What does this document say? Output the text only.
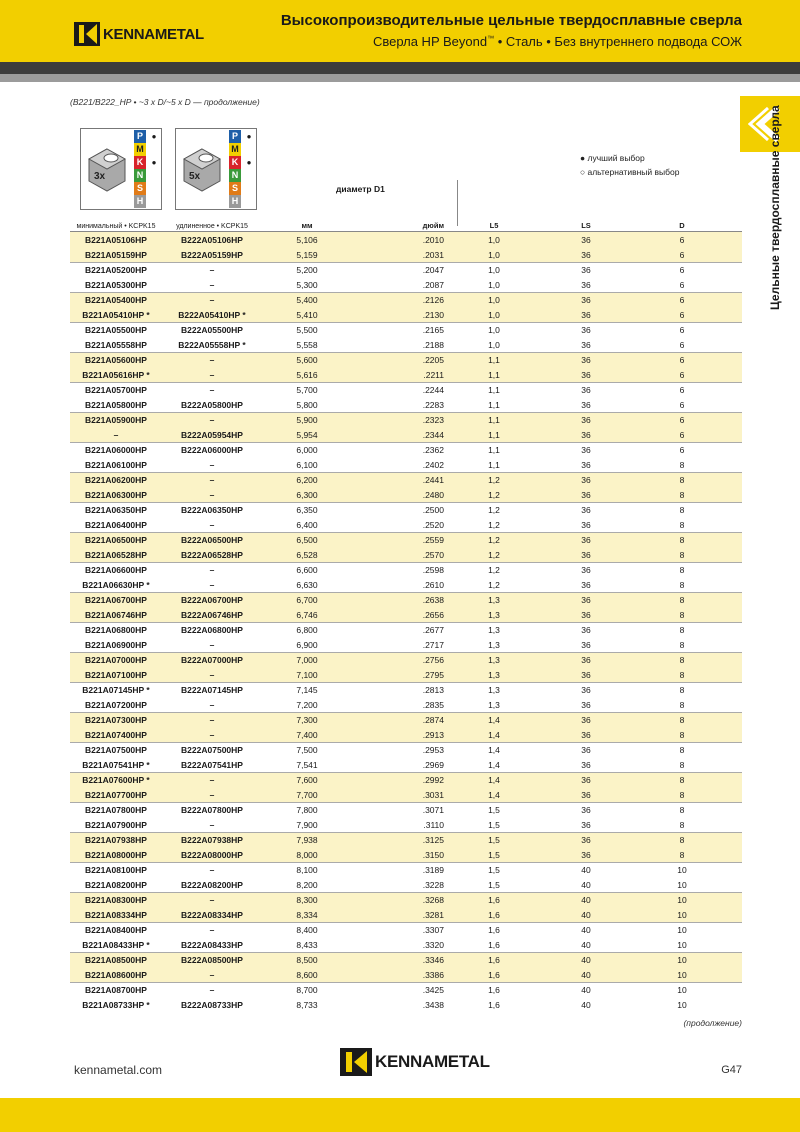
KENNAMETAL
Высокопроизводительные цельные твердосплавные сверла
Сверла HP Beyond™ • Сталь • Без внутреннего подвода СОЖ
Цельные твердосплавные сверла
(B221/B222_HP • ~3 x D/~5 x D — продолжение)
3x
P
M
K
N
S
H
●
●
5x
P
M
K
N
S
H
●
●	● лучший выбор
○ альтернативный выбор
диаметр D1
минимальный • KCPK15	удлиненное • KCPK15	мм	дюйм	L5	LS	D
B221A05106HP	B222A05106HP	5,106	.2010	1,0	36	6
B221A05159HP	B222A05159HP	5,159	.2031	1,0	36	6
B221A05200HP	–	5,200	.2047	1,0	36	6
B221A05300HP	–	5,300	.2087	1,0	36	6
B221A05400HP	–	5,400	.2126	1,0	36	6
B221A05410HP *	B222A05410HP *	5,410	.2130	1,0	36	6
B221A05500HP	B222A05500HP	5,500	.2165	1,0	36	6
B221A05558HP	B222A05558HP *	5,558	.2188	1,0	36	6
B221A05600HP	–	5,600	.2205	1,1	36	6
B221A05616HP *	–	5,616	.2211	1,1	36	6
B221A05700HP	–	5,700	.2244	1,1	36	6
B221A05800HP	B222A05800HP	5,800	.2283	1,1	36	6
B221A05900HP	–	5,900	.2323	1,1	36	6
–	B222A05954HP	5,954	.2344	1,1	36	6
B221A06000HP	B222A06000HP	6,000	.2362	1,1	36	6
B221A06100HP	–	6,100	.2402	1,1	36	8
B221A06200HP	–	6,200	.2441	1,2	36	8
B221A06300HP	–	6,300	.2480	1,2	36	8
B221A06350HP	B222A06350HP	6,350	.2500	1,2	36	8
B221A06400HP	–	6,400	.2520	1,2	36	8
B221A06500HP	B222A06500HP	6,500	.2559	1,2	36	8
B221A06528HP	B222A06528HP	6,528	.2570	1,2	36	8
B221A06600HP	–	6,600	.2598	1,2	36	8
B221A06630HP *	–	6,630	.2610	1,2	36	8
B221A06700HP	B222A06700HP	6,700	.2638	1,3	36	8
B221A06746HP	B222A06746HP	6,746	.2656	1,3	36	8
B221A06800HP	B222A06800HP	6,800	.2677	1,3	36	8
B221A06900HP	–	6,900	.2717	1,3	36	8
B221A07000HP	B222A07000HP	7,000	.2756	1,3	36	8
B221A07100HP	–	7,100	.2795	1,3	36	8
B221A07145HP *	B222A07145HP	7,145	.2813	1,3	36	8
B221A07200HP	–	7,200	.2835	1,3	36	8
B221A07300HP	–	7,300	.2874	1,4	36	8
B221A07400HP	–	7,400	.2913	1,4	36	8
B221A07500HP	B222A07500HP	7,500	.2953	1,4	36	8
B221A07541HP *	B222A07541HP	7,541	.2969	1,4	36	8
B221A07600HP *	–	7,600	.2992	1,4	36	8
B221A07700HP	–	7,700	.3031	1,4	36	8
B221A07800HP	B222A07800HP	7,800	.3071	1,5	36	8
B221A07900HP	–	7,900	.3110	1,5	36	8
B221A07938HP	B222A07938HP	7,938	.3125	1,5	36	8
B221A08000HP	B222A08000HP	8,000	.3150	1,5	36	8
B221A08100HP	–	8,100	.3189	1,5	40	10
B221A08200HP	B222A08200HP	8,200	.3228	1,5	40	10
B221A08300HP	–	8,300	.3268	1,6	40	10
B221A08334HP	B222A08334HP	8,334	.3281	1,6	40	10
B221A08400HP	–	8,400	.3307	1,6	40	10
B221A08433HP *	B222A08433HP	8,433	.3320	1,6	40	10
B221A08500HP	B222A08500HP	8,500	.3346	1,6	40	10
B221A08600HP	–	8,600	.3386	1,6	40	10
B221A08700HP	–	8,700	.3425	1,6	40	10
B221A08733HP *	B222A08733HP	8,733	.3438	1,6	40	10
(продолжение)
kennametal.com	KENNAMETAL	G47
